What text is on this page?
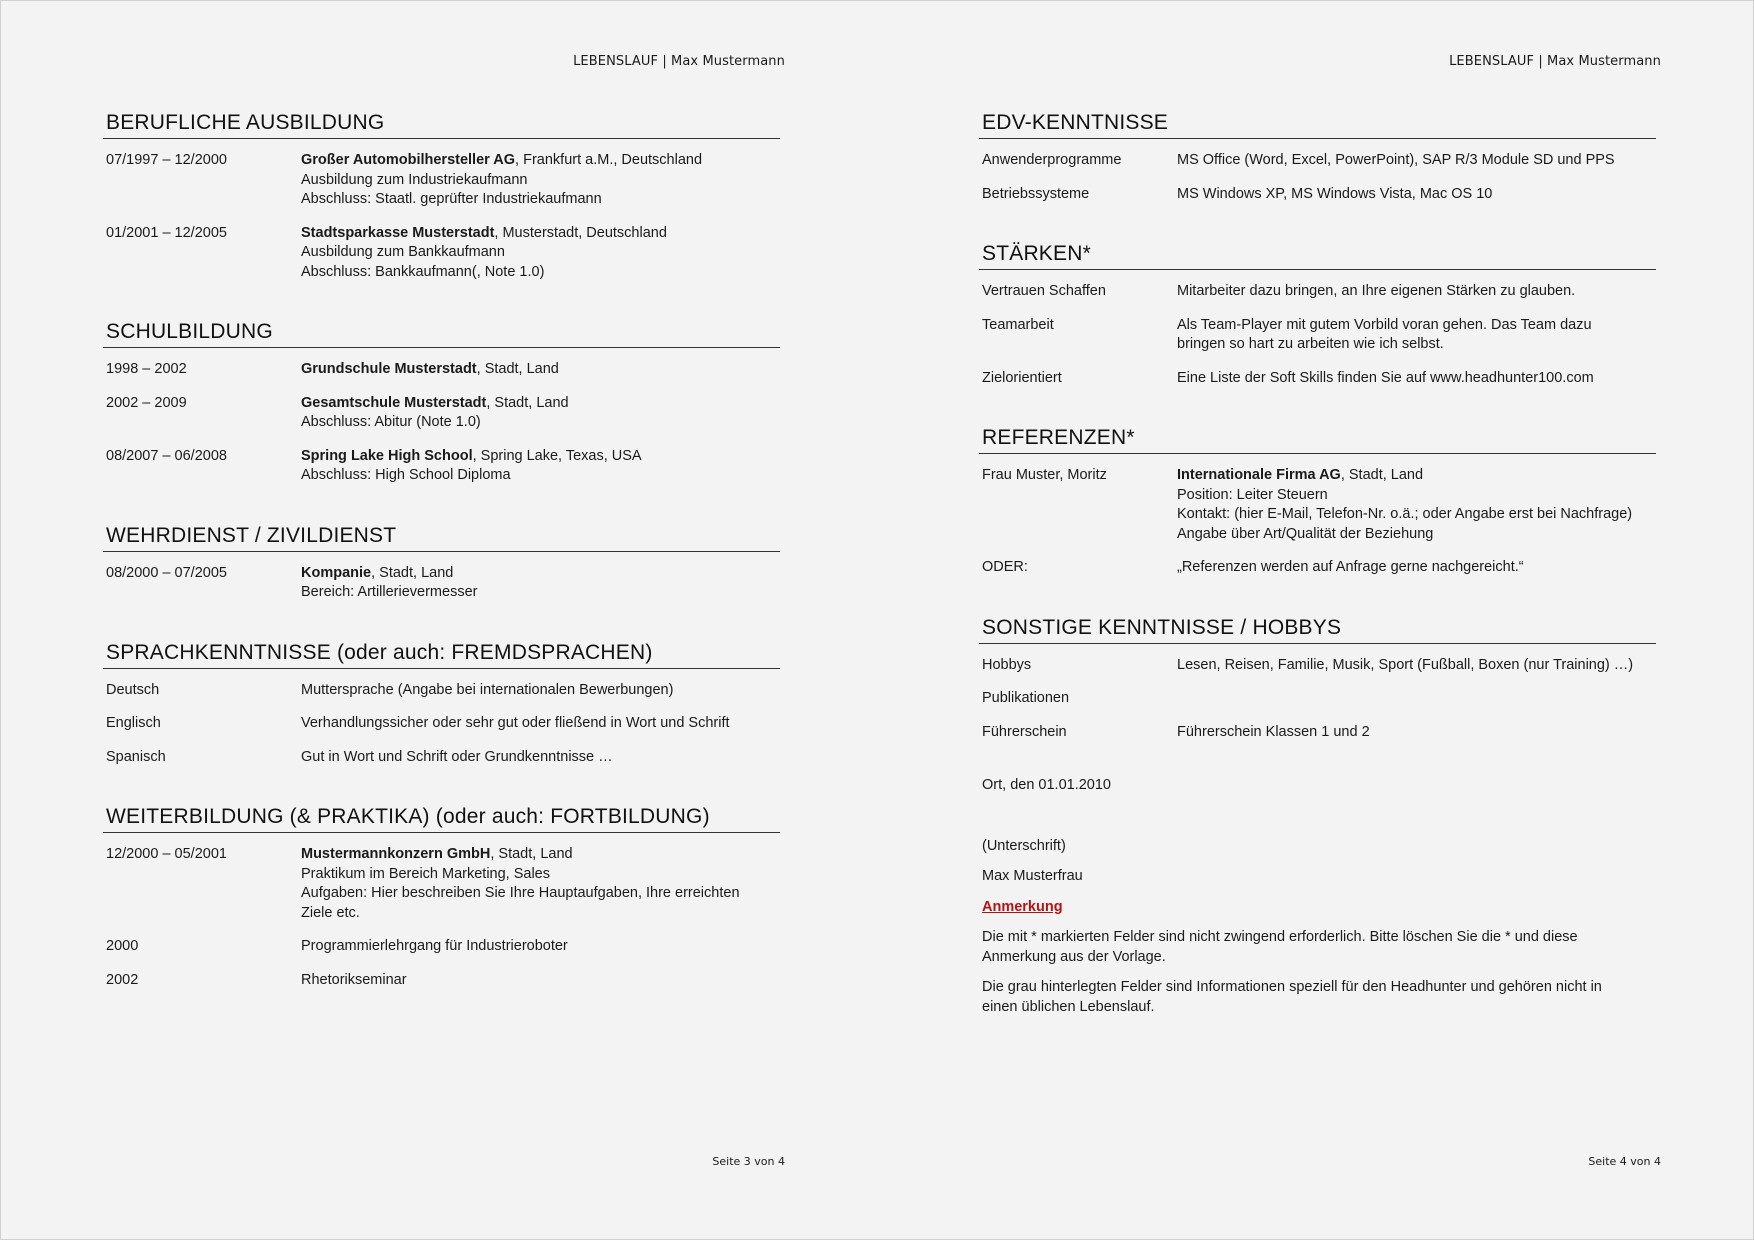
LEBENSLAUF | Max Mustermann
BERUFLICHE AUSBILDUNG
07/1997 – 12/2000	Großer Automobilhersteller AG, Frankfurt a.M., Deutschland
Ausbildung zum Industriekaufmann
Abschluss: Staatl. geprüfter Industriekaufmann
01/2001 – 12/2005	Stadtsparkasse Musterstadt, Musterstadt, Deutschland
Ausbildung zum Bankkaufmann
Abschluss: Bankkaufmann(, Note 1.0)
SCHULBILDUNG
1998 – 2002	Grundschule Musterstadt, Stadt, Land
2002 – 2009	Gesamtschule Musterstadt, Stadt, Land
Abschluss: Abitur (Note 1.0)
08/2007 – 06/2008	Spring Lake High School, Spring Lake, Texas, USA
Abschluss: High School Diploma
WEHRDIENST / ZIVILDIENST
08/2000 – 07/2005	Kompanie, Stadt, Land
Bereich: Artillerievermesser
SPRACHKENNTNISSE (oder auch: FREMDSPRACHEN)
Deutsch	Muttersprache (Angabe bei internationalen Bewerbungen)
Englisch	Verhandlungssicher oder sehr gut oder fließend in Wort und Schrift
Spanisch	Gut in Wort und Schrift oder Grundkenntnisse …
WEITERBILDUNG (& PRAKTIKA) (oder auch: FORTBILDUNG)
12/2000 – 05/2001	Mustermannkonzern GmbH, Stadt, Land
Praktikum im Bereich Marketing, Sales
Aufgaben: Hier beschreiben Sie Ihre Hauptaufgaben, Ihre erreichten
Ziele etc.
2000	Programmierlehrgang für Industrieroboter
2002	Rhetorikseminar
Seite 3 von 4
LEBENSLAUF | Max Mustermann
EDV-KENNTNISSE
Anwenderprogramme	MS Office (Word, Excel, PowerPoint), SAP R/3 Module SD und PPS
Betriebssysteme	MS Windows XP, MS Windows Vista, Mac OS 10
STÄRKEN*
Vertrauen Schaffen	Mitarbeiter dazu bringen, an Ihre eigenen Stärken zu glauben.
Teamarbeit	Als Team-Player mit gutem Vorbild voran gehen. Das Team dazu
bringen so hart zu arbeiten wie ich selbst.
Zielorientiert	Eine Liste der Soft Skills finden Sie auf www.headhunter100.com
REFERENZEN*
Frau Muster, Moritz	Internationale Firma AG, Stadt, Land
Position: Leiter Steuern
Kontakt: (hier E-Mail, Telefon-Nr. o.ä.; oder Angabe erst bei Nachfrage)
Angabe über Art/Qualität der Beziehung
ODER:	„Referenzen werden auf Anfrage gerne nachgereicht.“
SONSTIGE KENNTNISSE / HOBBYS
Hobbys	Lesen, Reisen, Familie, Musik, Sport (Fußball, Boxen (nur Training) …)
Publikationen
Führerschein	Führerschein Klassen 1 und 2
Ort, den 01.01.2010
(Unterschrift)
Max Musterfrau
Anmerkung
Die mit * markierten Felder sind nicht zwingend erforderlich. Bitte löschen Sie die * und diese Anmerkung aus der Vorlage.
Die grau hinterlegten Felder sind Informationen speziell für den Headhunter und gehören nicht in einen üblichen Lebenslauf.
Seite 4 von 4
